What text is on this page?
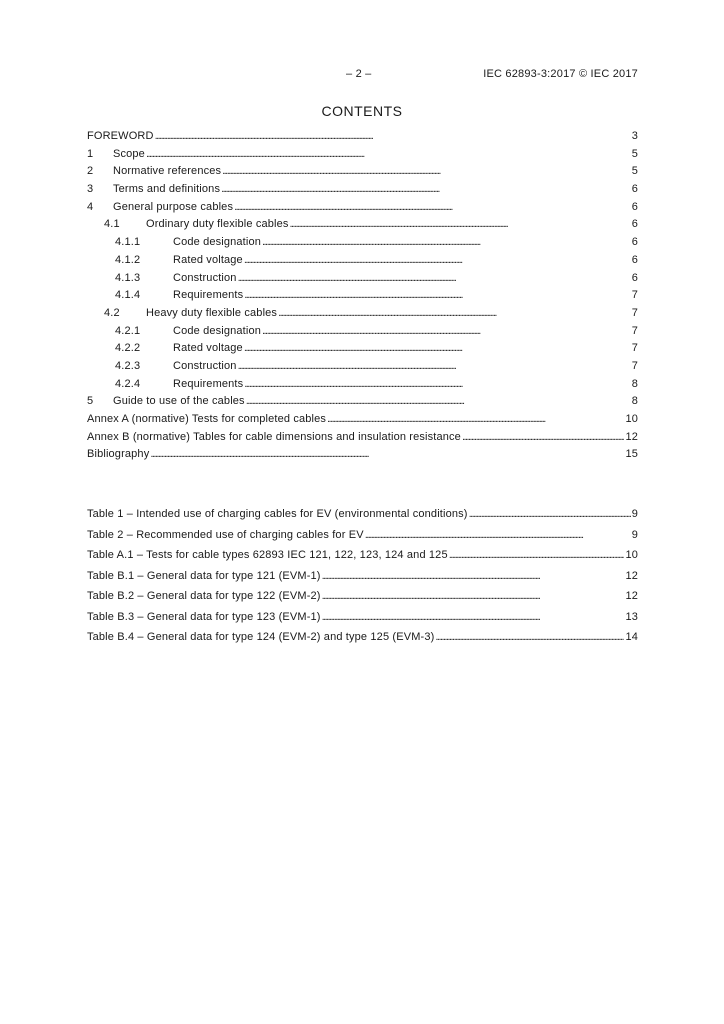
– 2 –	IEC 62893-3:2017 © IEC 2017
CONTENTS
FOREWORD . . .	3
1	Scope . . .	5
2	Normative references . . .	5
3	Terms and definitions . . .	6
4	General purpose cables . . .	6
4.1	Ordinary duty flexible cables . . .	6
4.1.1	Code designation . . .	6
4.1.2	Rated voltage . . .	6
4.1.3	Construction . . .	6
4.1.4	Requirements . . .	7
4.2	Heavy duty flexible cables . . .	7
4.2.1	Code designation . . .	7
4.2.2	Rated voltage . . .	7
4.2.3	Construction . . .	7
4.2.4	Requirements . . .	8
5	Guide to use of the cables . . .	8
Annex A (normative) Tests for completed cables . . .	10
Annex B (normative) Tables for cable dimensions and insulation resistance . . .	12
Bibliography . . .	15
Table 1 – Intended use of charging cables for EV (environmental conditions) . . .	9
Table 2 – Recommended use of charging cables for EV . . .	9
Table A.1 – Tests for cable types 62893 IEC 121, 122, 123, 124 and 125 . . .	10
Table B.1 – General data for type 121 (EVM-1) . . .	12
Table B.2 – General data for type 122 (EVM-2) . . .	12
Table B.3 – General data for type 123 (EVM-1) . . .	13
Table B.4 – General data for type 124 (EVM-2) and type 125 (EVM-3) . . .	14
